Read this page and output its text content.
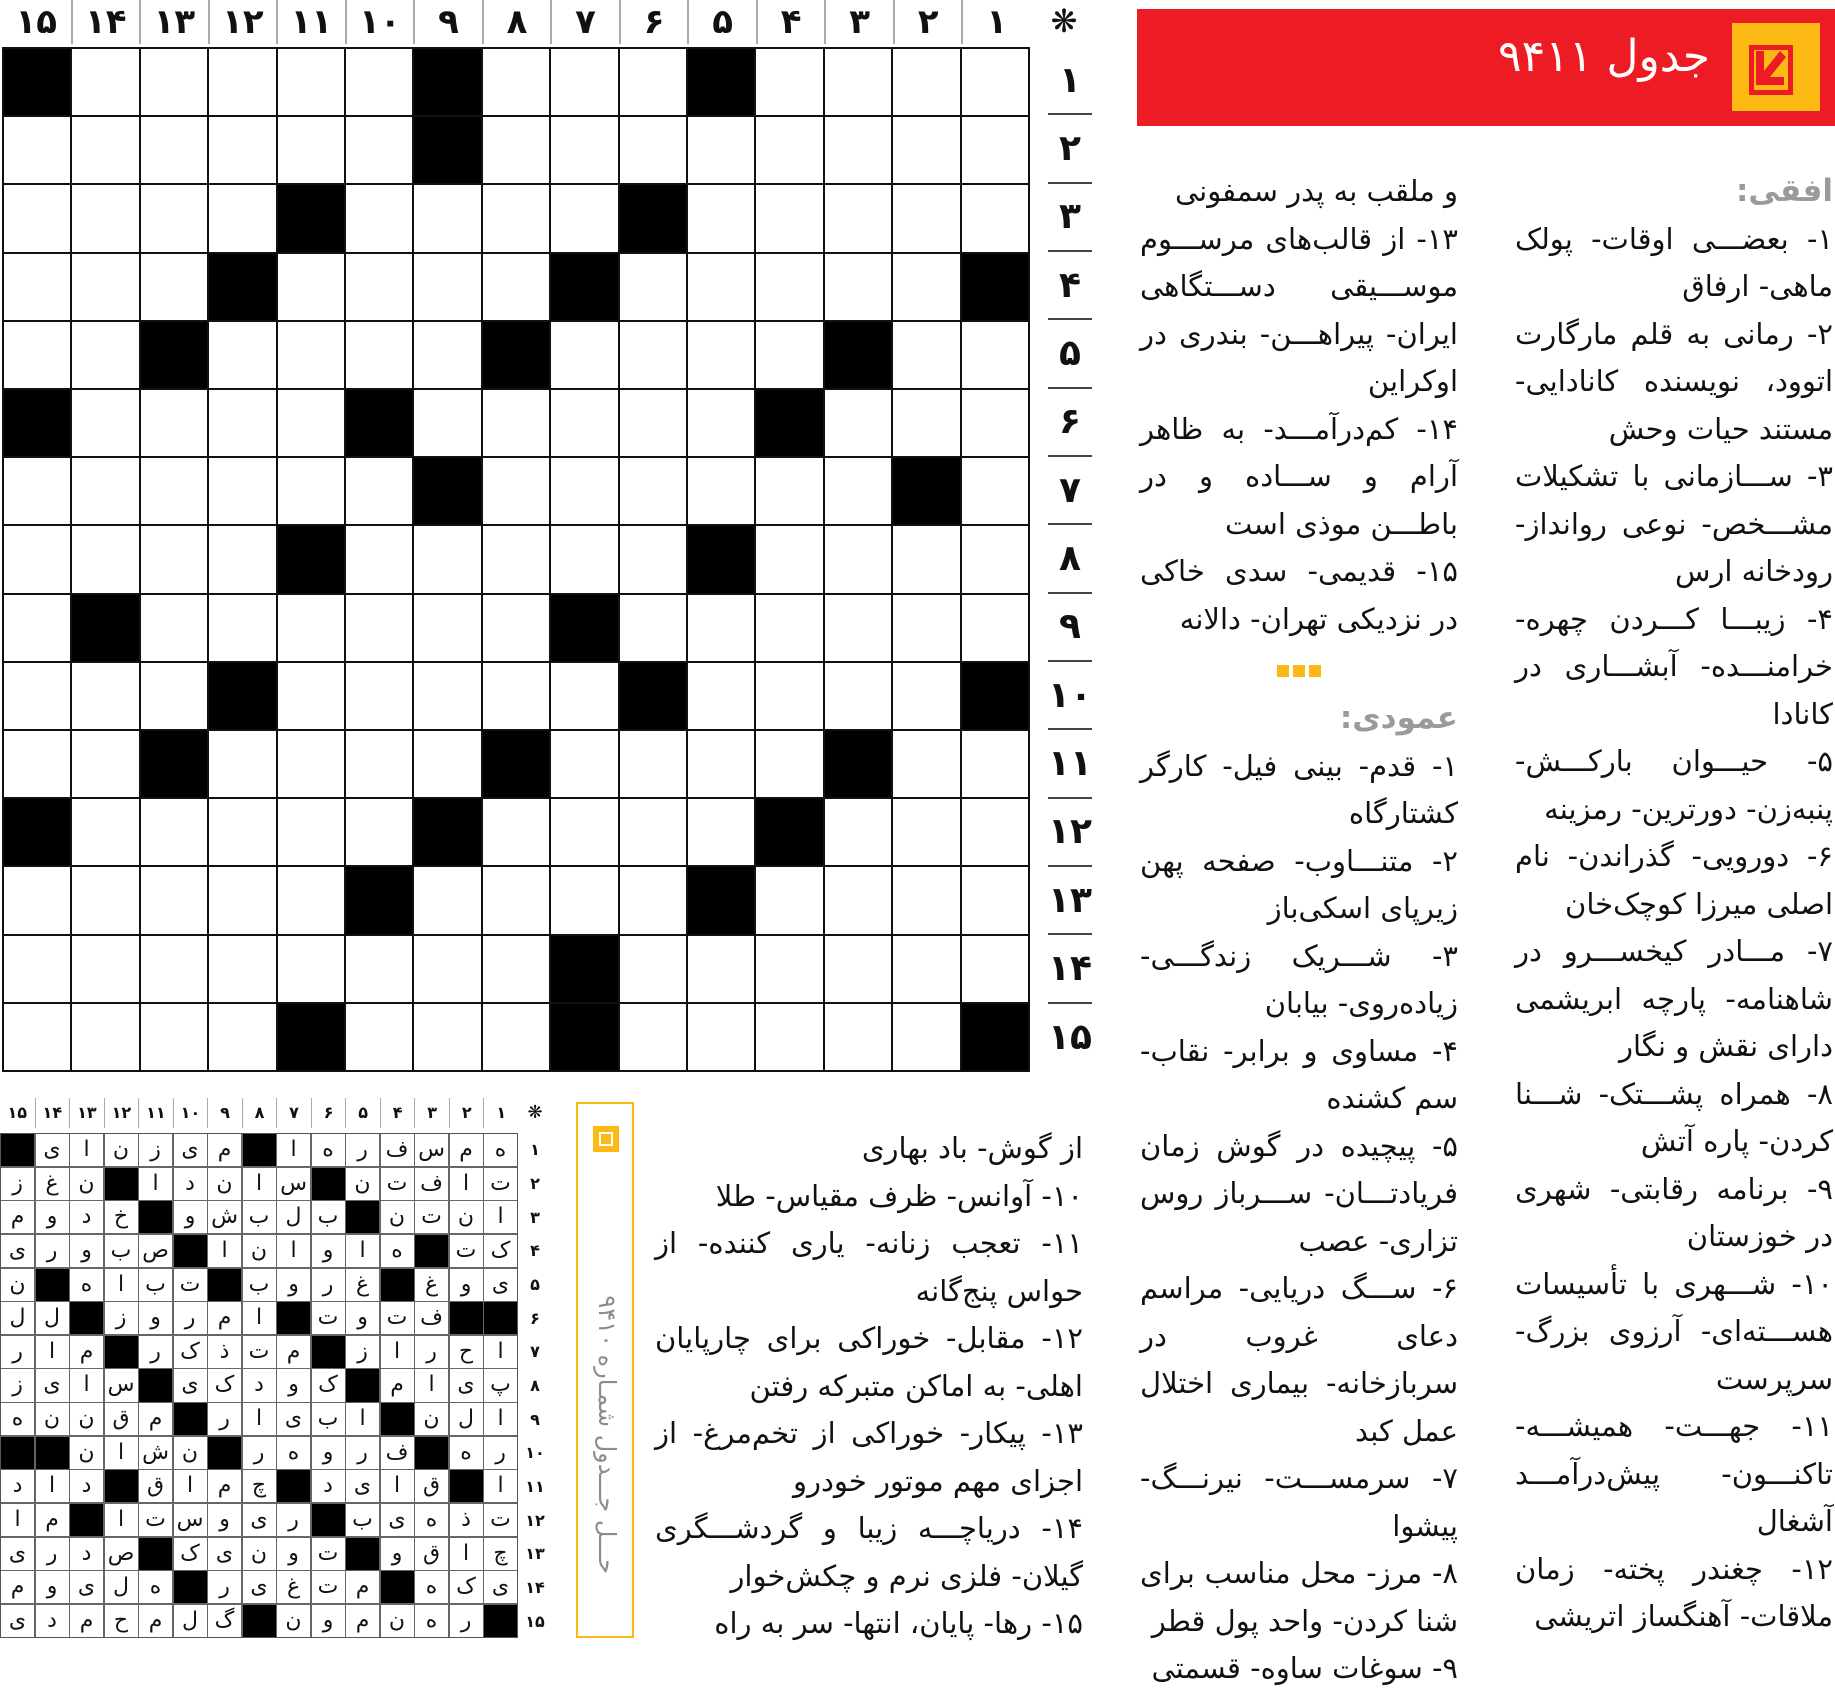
جدول ۹۴۱۱
❋
۱
۲
۳
۴
۵
۶
۷
۸
۹
۱۰
۱۱
۱۲
۱۳
۱۴
۱۵
۱
۲
۳
۴
۵
۶
۷
۸
۹
۱۰
۱۱
۱۲
۱۳
۱۴
۱۵

افقی:

۱- بعضـــی اوقات- پولک ماهی- ارفاق

۲- رمانی به قلم مارگارت اتوود، نویسنده کانادایی- مستند حیات وحش

۳- ســـازمانی با تشکیلات مشـــخص- نوعی روانداز- رودخانه ارس

۴- زیبـــا کـــردن چهره- خرامنـــده- آبشـــاری در کانادا

۵- حیـــوان بارکـــش- پنبه‌زن- دورترین- رمزینه

۶- دورویی- گذراندن- نام اصلی میرزا کوچک‌خان

۷- مـــادر کیخســـرو در شاهنامه- پارچه ابریشمی دارای نقش و نگار

۸- همراه پشـــتک- شـــنا کردن- پاره آتش

۹- برنامه رقابتی- شهری در خوزستان

۱۰- شـــهری با تأسیسات هســـته‌ای- آرزوی بزرگ- سرپرست

۱۱- جهـــت- همیشـــه- تاکنـــون- پیش‌درآمـــد آشغال

۱۲- چغندر پخته- زمان ملاقات- آهنگساز اتریشی

و ملقب به پدر سمفونی

۱۳- از قالب‌های مرســـوم موســـیقی دســـتگاهی ایران- پیراهـــن- بندری در اوکراین

۱۴- کم‌درآمـــد- به ظاهر آرام و ســـاده و در باطـــن موذی است

۱۵- قدیمی- سدی خاکی در نزدیکی تهران- دالانه

عمودی:

۱- قدم- بینی فیل- کارگر کشتارگاه

۲- متنـــاوب- صفحه پهن زیرپای اسکی‌باز

۳- شـــریک زندگـــی- زیاده‌روی- بیابان

۴- مساوی و برابر- نقاب- سم کشنده

۵- پیچیده در گوش زمان فریادتـــان- ســـرباز روس تزاری- عصب

۶- ســـگ دریایی- مراسم دعای غروب در سربازخانه- بیماری اختلال عمل کبد

۷- سرمســـت- نیرنـــگ- پیشوا

۸- مرز- محل مناسب برای شنا کردن- واحد پول قطر

۹- سوغات ساوه- قسمتی

از گوش- باد بهاری

۱۰- آوانس- ظرف مقیاس- طلا

۱۱- تعجب زنانه- یاری کننده- از حواس پنج‌گانه

۱۲- مقابل- خوراکی برای چارپایان اهلی- به اماکن متبرکه رفتن

۱۳- پیکار- خوراکی از تخم‌مرغ- از اجزای مهم موتور خودرو

۱۴- دریاچـــه زیبا و گردشـــگری گیلان- فلزی نرم و چکش‌خوار

۱۵- رها- پایان، انتها- سر به راه

حـــل جـــدول شمـاره ۹۴۱۰
❋
۱
۲
۳
۴
۵
۶
۷
۸
۹
۱۰
۱۱
۱۲
۱۳
۱۴
۱۵
۱
۲
۳
۴
۵
۶
۷
۸
۹
۱۰
۱۱
۱۲
۱۳
۱۴
۱۵
ه
م
س
ف
ر
ه
ا
م
ی
ز
ن
ا
ی
ت
ا
ف
ت
ن
س
ا
ن
د
ا
ن
غ
ز
ا
ن
ت
ن
ب
ل
ب
ش
و
خ
د
و
م
ک
ت
ه
ا
و
ا
ن
ا
ص
ب
و
ر
ی
ی
و
غ
غ
ر
و
ب
ت
ب
ا
ه
ن
ف
ت
و
ت
ا
م
ر
و
ز
ل
ل
ا
ح
ر
ا
ز
م
ت
ذ
ک
ر
م
ا
ر
پ
ی
ا
م
ک
و
د
ک
ی
س
ا
ی
ز
ا
ل
ن
ا
ب
ی
ا
ر
م
ق
ن
ن
ه
ر
ه
ف
ر
و
ه
ر
ن
ش
ا
ن
ا
ق
ا
ی
د
چ
م
ا
ق
د
ا
د
ت
ذ
ه
ی
ب
ر
ی
و
س
ت
ا
م
ا
چ
ا
ق
و
ت
و
ن
ی
ک
ص
د
ر
ی
ی
ک
ه
م
ت
غ
ی
ر
ه
ل
ی
و
م
ر
ه
ن
م
و
ن
گ
ل
م
ح
م
د
ی
